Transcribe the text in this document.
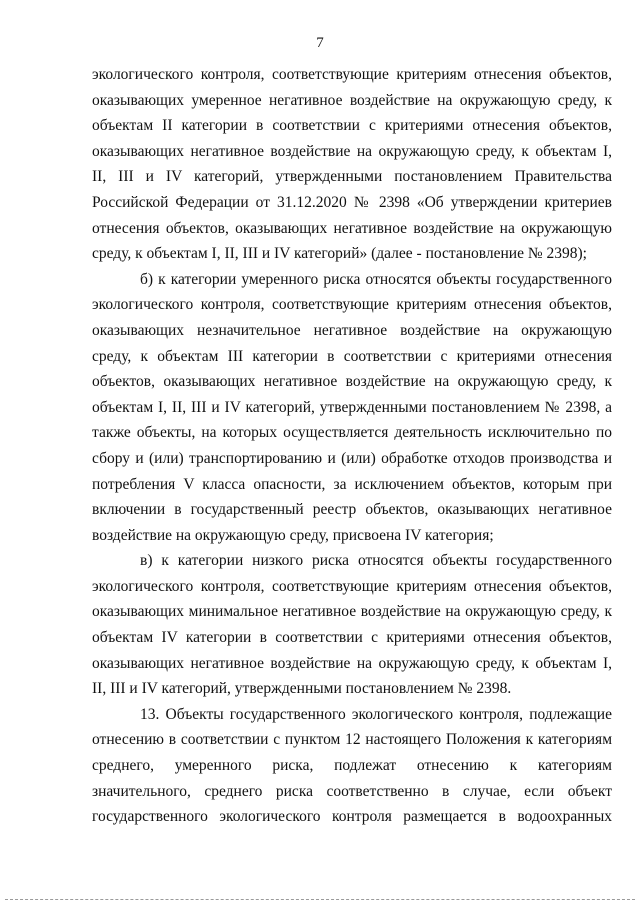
7
экологического контроля, соответствующие критериям отнесения объектов,
оказывающих умеренное негативное воздействие на окружающую среду, к
объектам II категории в соответствии с критериями отнесения объектов,
оказывающих негативное воздействие на окружающую среду, к объектам I,
II, III и IV категорий, утвержденными постановлением Правительства
Российской Федерации от 31.12.2020 № 2398 «Об утверждении критериев
отнесения объектов, оказывающих негативное воздействие на окружающую
среду, к объектам I, II, III и IV категорий» (далее - постановление № 2398);
б) к категории умеренного риска относятся объекты государственного
экологического контроля, соответствующие критериям отнесения объектов,
оказывающих незначительное негативное воздействие на окружающую
среду, к объектам III категории в соответствии с критериями отнесения
объектов, оказывающих негативное воздействие на окружающую среду, к
объектам I, II, III и IV категорий, утвержденными постановлением № 2398, а
также объекты, на которых осуществляется деятельность исключительно по
сбору и (или) транспортированию и (или) обработке отходов производства и
потребления V класса опасности, за исключением объектов, которым при
включении в государственный реестр объектов, оказывающих негативное
воздействие на окружающую среду, присвоена IV категория;
в) к категории низкого риска относятся объекты государственного
экологического контроля, соответствующие критериям отнесения объектов,
оказывающих минимальное негативное воздействие на окружающую среду, к
объектам IV категории в соответствии с критериями отнесения объектов,
оказывающих негативное воздействие на окружающую среду, к объектам I,
II, III и IV категорий, утвержденными постановлением № 2398.
13. Объекты государственного экологического контроля, подлежащие
отнесению в соответствии с пунктом 12 настоящего Положения к категориям
среднего, умеренного риска, подлежат отнесению к категориям
значительного, среднего риска соответственно в случае, если объект
государственного экологического контроля размещается в водоохранных
